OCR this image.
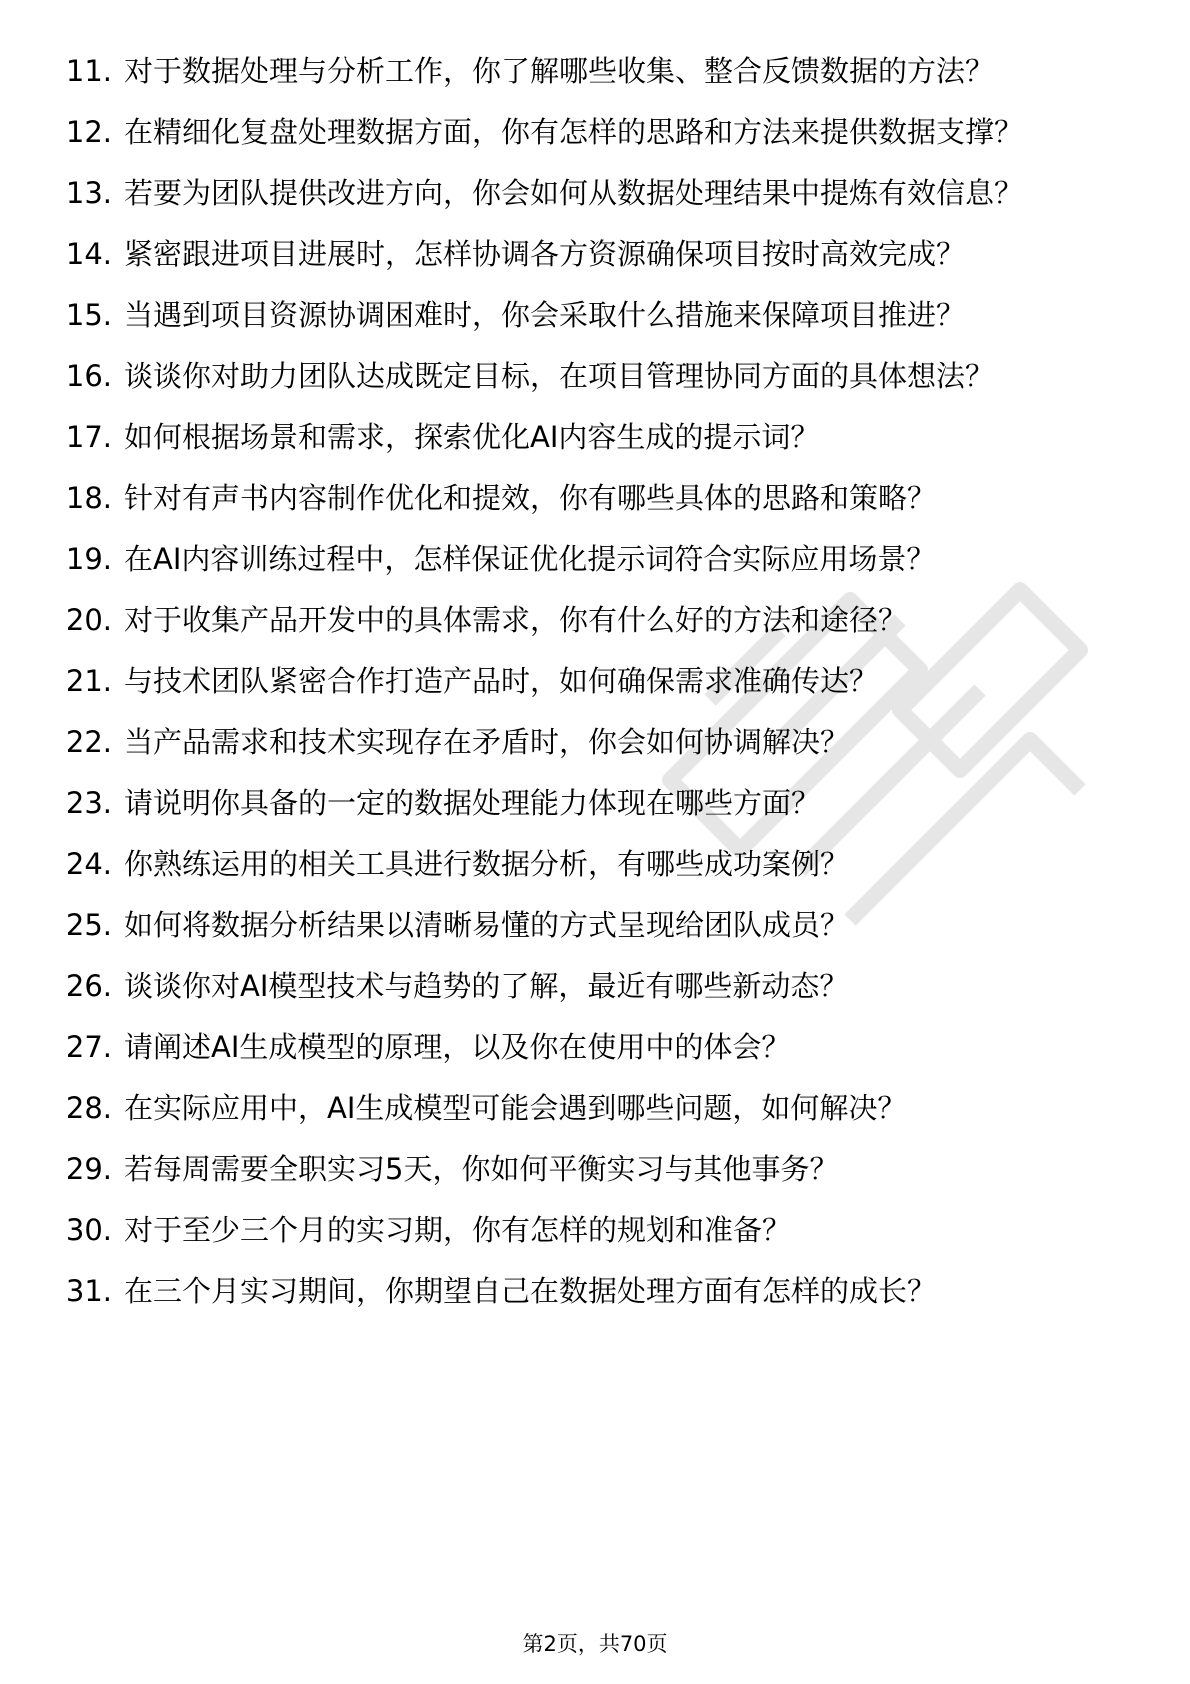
11. 对于数据处理与分析工作，你了解哪些收集、整合反馈数据的方法？
12. 在精细化复盘处理数据方面，你有怎样的思路和方法来提供数据支撑？
13. 若要为团队提供改进方向，你会如何从数据处理结果中提炼有效信息？
14. 紧密跟进项目进展时，怎样协调各方资源确保项目按时高效完成？
15. 当遇到项目资源协调困难时，你会采取什么措施来保障项目推进？
16. 谈谈你对助力团队达成既定目标，在项目管理协同方面的具体想法？
17. 如何根据场景和需求，探索优化AI内容生成的提示词？
18. 针对有声书内容制作优化和提效，你有哪些具体的思路和策略？
19. 在AI内容训练过程中，怎样保证优化提示词符合实际应用场景？
20. 对于收集产品开发中的具体需求，你有什么好的方法和途径？
21. 与技术团队紧密合作打造产品时，如何确保需求准确传达？
22. 当产品需求和技术实现存在矛盾时，你会如何协调解决？
23. 请说明你具备的一定的数据处理能力体现在哪些方面？
24. 你熟练运用的相关工具进行数据分析，有哪些成功案例？
25. 如何将数据分析结果以清晰易懂的方式呈现给团队成员？
26. 谈谈你对AI模型技术与趋势的了解，最近有哪些新动态？
27. 请阐述AI生成模型的原理，以及你在使用中的体会？
28. 在实际应用中，AI生成模型可能会遇到哪些问题，如何解决？
29. 若每周需要全职实习5天，你如何平衡实习与其他事务？
30. 对于至少三个月的实习期，你有怎样的规划和准备？
31. 在三个月实习期间，你期望自己在数据处理方面有怎样的成长？
第2页，共70页
